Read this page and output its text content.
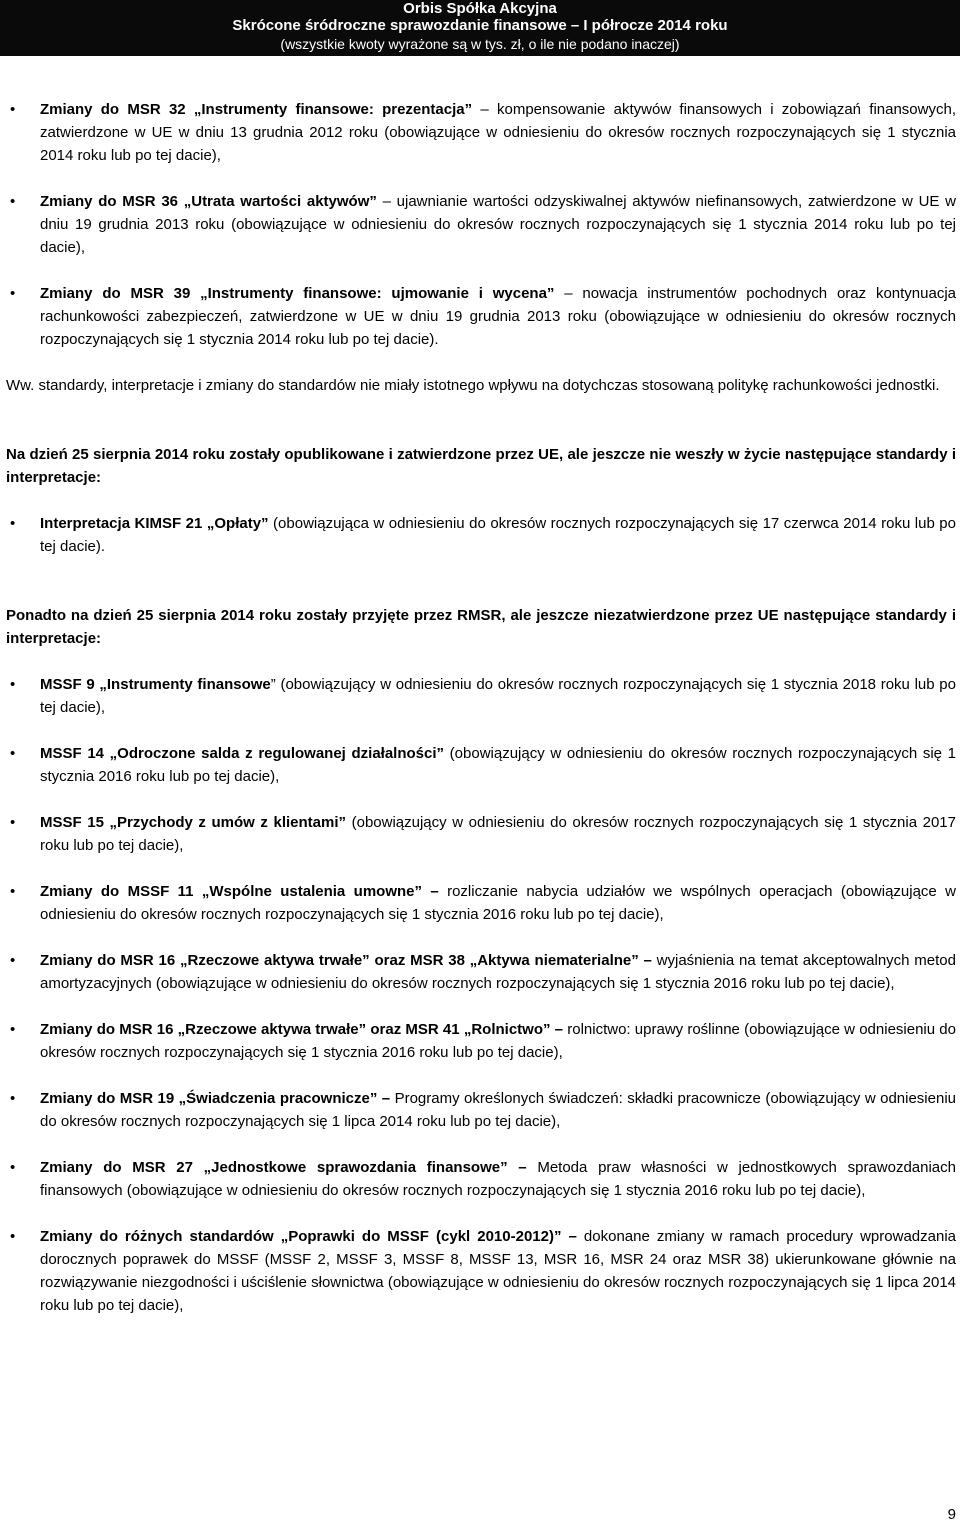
Orbis Spółka Akcyjna
Skrócone śródroczne sprawozdanie finansowe – I półrocze 2014 roku
(wszystkie kwoty wyrażone są w tys. zł, o ile nie podano inaczej)
• Zmiany do MSR 32 „Instrumenty finansowe: prezentacja” – kompensowanie aktywów finansowych i zobowiązań finansowych, zatwierdzone w UE w dniu 13 grudnia 2012 roku (obowiązujące w odniesieniu do okresów rocznych rozpoczynających się 1 stycznia 2014 roku lub po tej dacie),
• Zmiany do MSR 36 „Utrata wartości aktywów” – ujawnianie wartości odzyskiwalnej aktywów niefinansowych, zatwierdzone w UE w dniu 19 grudnia 2013 roku (obowiązujące w odniesieniu do okresów rocznych rozpoczynających się 1 stycznia 2014 roku lub po tej dacie),
• Zmiany do MSR 39 „Instrumenty finansowe: ujmowanie i wycena” – nowacja instrumentów pochodnych oraz kontynuacja rachunkowości zabezpieczeń, zatwierdzone w UE w dniu 19 grudnia 2013 roku (obowiązujące w odniesieniu do okresów rocznych rozpoczynających się 1 stycznia 2014 roku lub po tej dacie).
Ww. standardy, interpretacje i zmiany do standardów nie miały istotnego wpływu na dotychczas stosowaną politykę rachunkowości jednostki.
Na dzień 25 sierpnia 2014 roku zostały opublikowane i zatwierdzone przez UE, ale jeszcze nie weszły w życie następujące standardy i interpretacje:
• Interpretacja KIMSF 21 „Opłaty” (obowiązująca w odniesieniu do okresów rocznych rozpoczynających się 17 czerwca 2014 roku lub po tej dacie).
Ponadto na dzień 25 sierpnia 2014 roku zostały przyjęte przez RMSR, ale jeszcze niezatwierdzone przez UE następujące standardy i interpretacje:
• MSSF 9 „Instrumenty finansowe” (obowiązujący w odniesieniu do okresów rocznych rozpoczynających się 1 stycznia 2018 roku lub po tej dacie),
• MSSF 14 „Odroczone salda z regulowanej działalności” (obowiązujący w odniesieniu do okresów rocznych rozpoczynających się 1 stycznia 2016 roku lub po tej dacie),
• MSSF 15 „Przychody z umów z klientami” (obowiązujący w odniesieniu do okresów rocznych rozpoczynających się 1 stycznia 2017 roku lub po tej dacie),
• Zmiany do MSSF 11 „Wspólne ustalenia umowne” – rozliczanie nabycia udziałów we wspólnych operacjach (obowiązujące w odniesieniu do okresów rocznych rozpoczynających się 1 stycznia 2016 roku lub po tej dacie),
• Zmiany do MSR 16 „Rzeczowe aktywa trwałe” oraz MSR 38 „Aktywa niematerialne” – wyjaśnienia na temat akceptowalnych metod amortyzacyjnych (obowiązujące w odniesieniu do okresów rocznych rozpoczynających się 1 stycznia 2016 roku lub po tej dacie),
• Zmiany do MSR 16 „Rzeczowe aktywa trwałe” oraz MSR 41 „Rolnictwo” – rolnictwo: uprawy roślinne (obowiązujące w odniesieniu do okresów rocznych rozpoczynających się 1 stycznia 2016 roku lub po tej dacie),
• Zmiany do MSR 19 „Świadczenia pracownicze” – Programy określonych świadczeń: składki pracownicze (obowiązujący w odniesieniu do okresów rocznych rozpoczynających się 1 lipca 2014 roku lub po tej dacie),
• Zmiany do MSR 27 „Jednostkowe sprawozdania finansowe” – Metoda praw własności w jednostkowych sprawozdaniach finansowych (obowiązujące w odniesieniu do okresów rocznych rozpoczynających się 1 stycznia 2016 roku lub po tej dacie),
• Zmiany do różnych standardów „Poprawki do MSSF (cykl 2010-2012)” – dokonane zmiany w ramach procedury wprowadzania dorocznych poprawek do MSSF (MSSF 2, MSSF 3, MSSF 8, MSSF 13, MSR 16, MSR 24 oraz MSR 38) ukierunkowane głównie na rozwiązywanie niezgodności i uściślenie słownictwa (obowiązujące w odniesieniu do okresów rocznych rozpoczynających się 1 lipca 2014 roku lub po tej dacie),
9
